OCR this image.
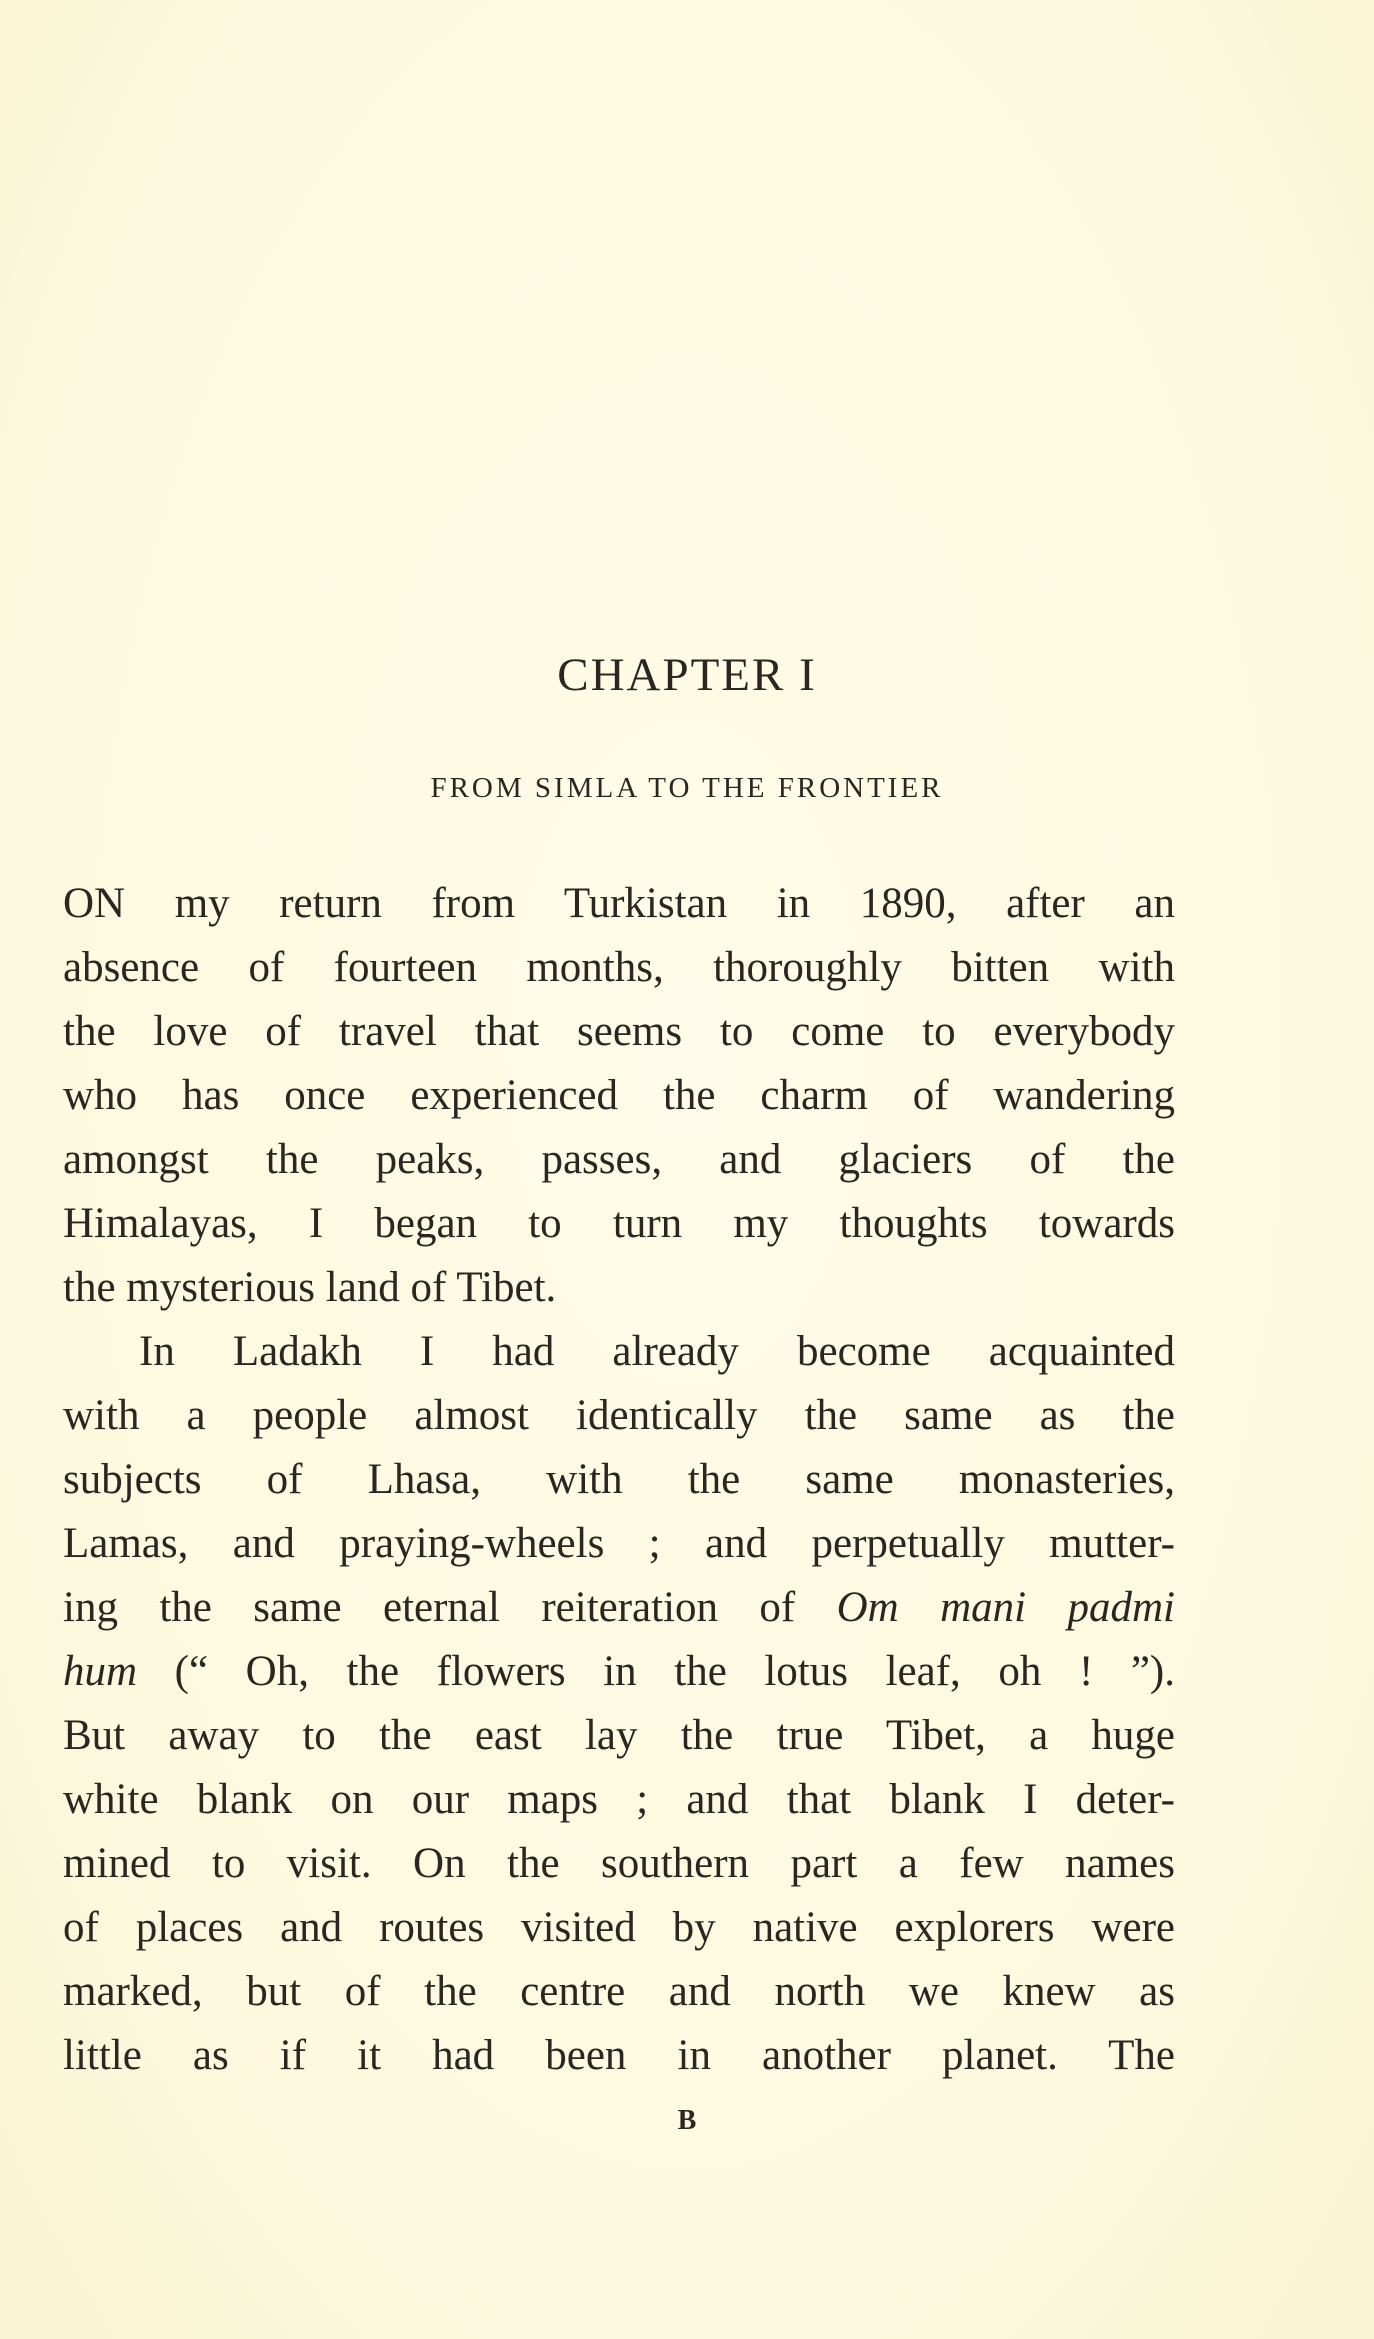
CHAPTER I
FROM SIMLA TO THE FRONTIER
ON my return from Turkistan in 1890, after an
absence of fourteen months, thoroughly bitten with
the love of travel that seems to come to everybody
who has once experienced the charm of wandering
amongst the peaks, passes, and glaciers of the
Himalayas, I began to turn my thoughts towards
the mysterious land of Tibet.
In Ladakh I had already become acquainted
with a people almost identically the same as the
subjects of Lhasa, with the same monasteries,
Lamas, and praying-wheels ; and perpetually mutter-
ing the same eternal reiteration of Om mani padmi
hum (“ Oh, the flowers in the lotus leaf, oh ! ”).
But away to the east lay the true Tibet, a huge
white blank on our maps ; and that blank I deter-
mined to visit. On the southern part a few names
of places and routes visited by native explorers were
marked, but of the centre and north we knew as
little as if it had been in another planet. The
B
